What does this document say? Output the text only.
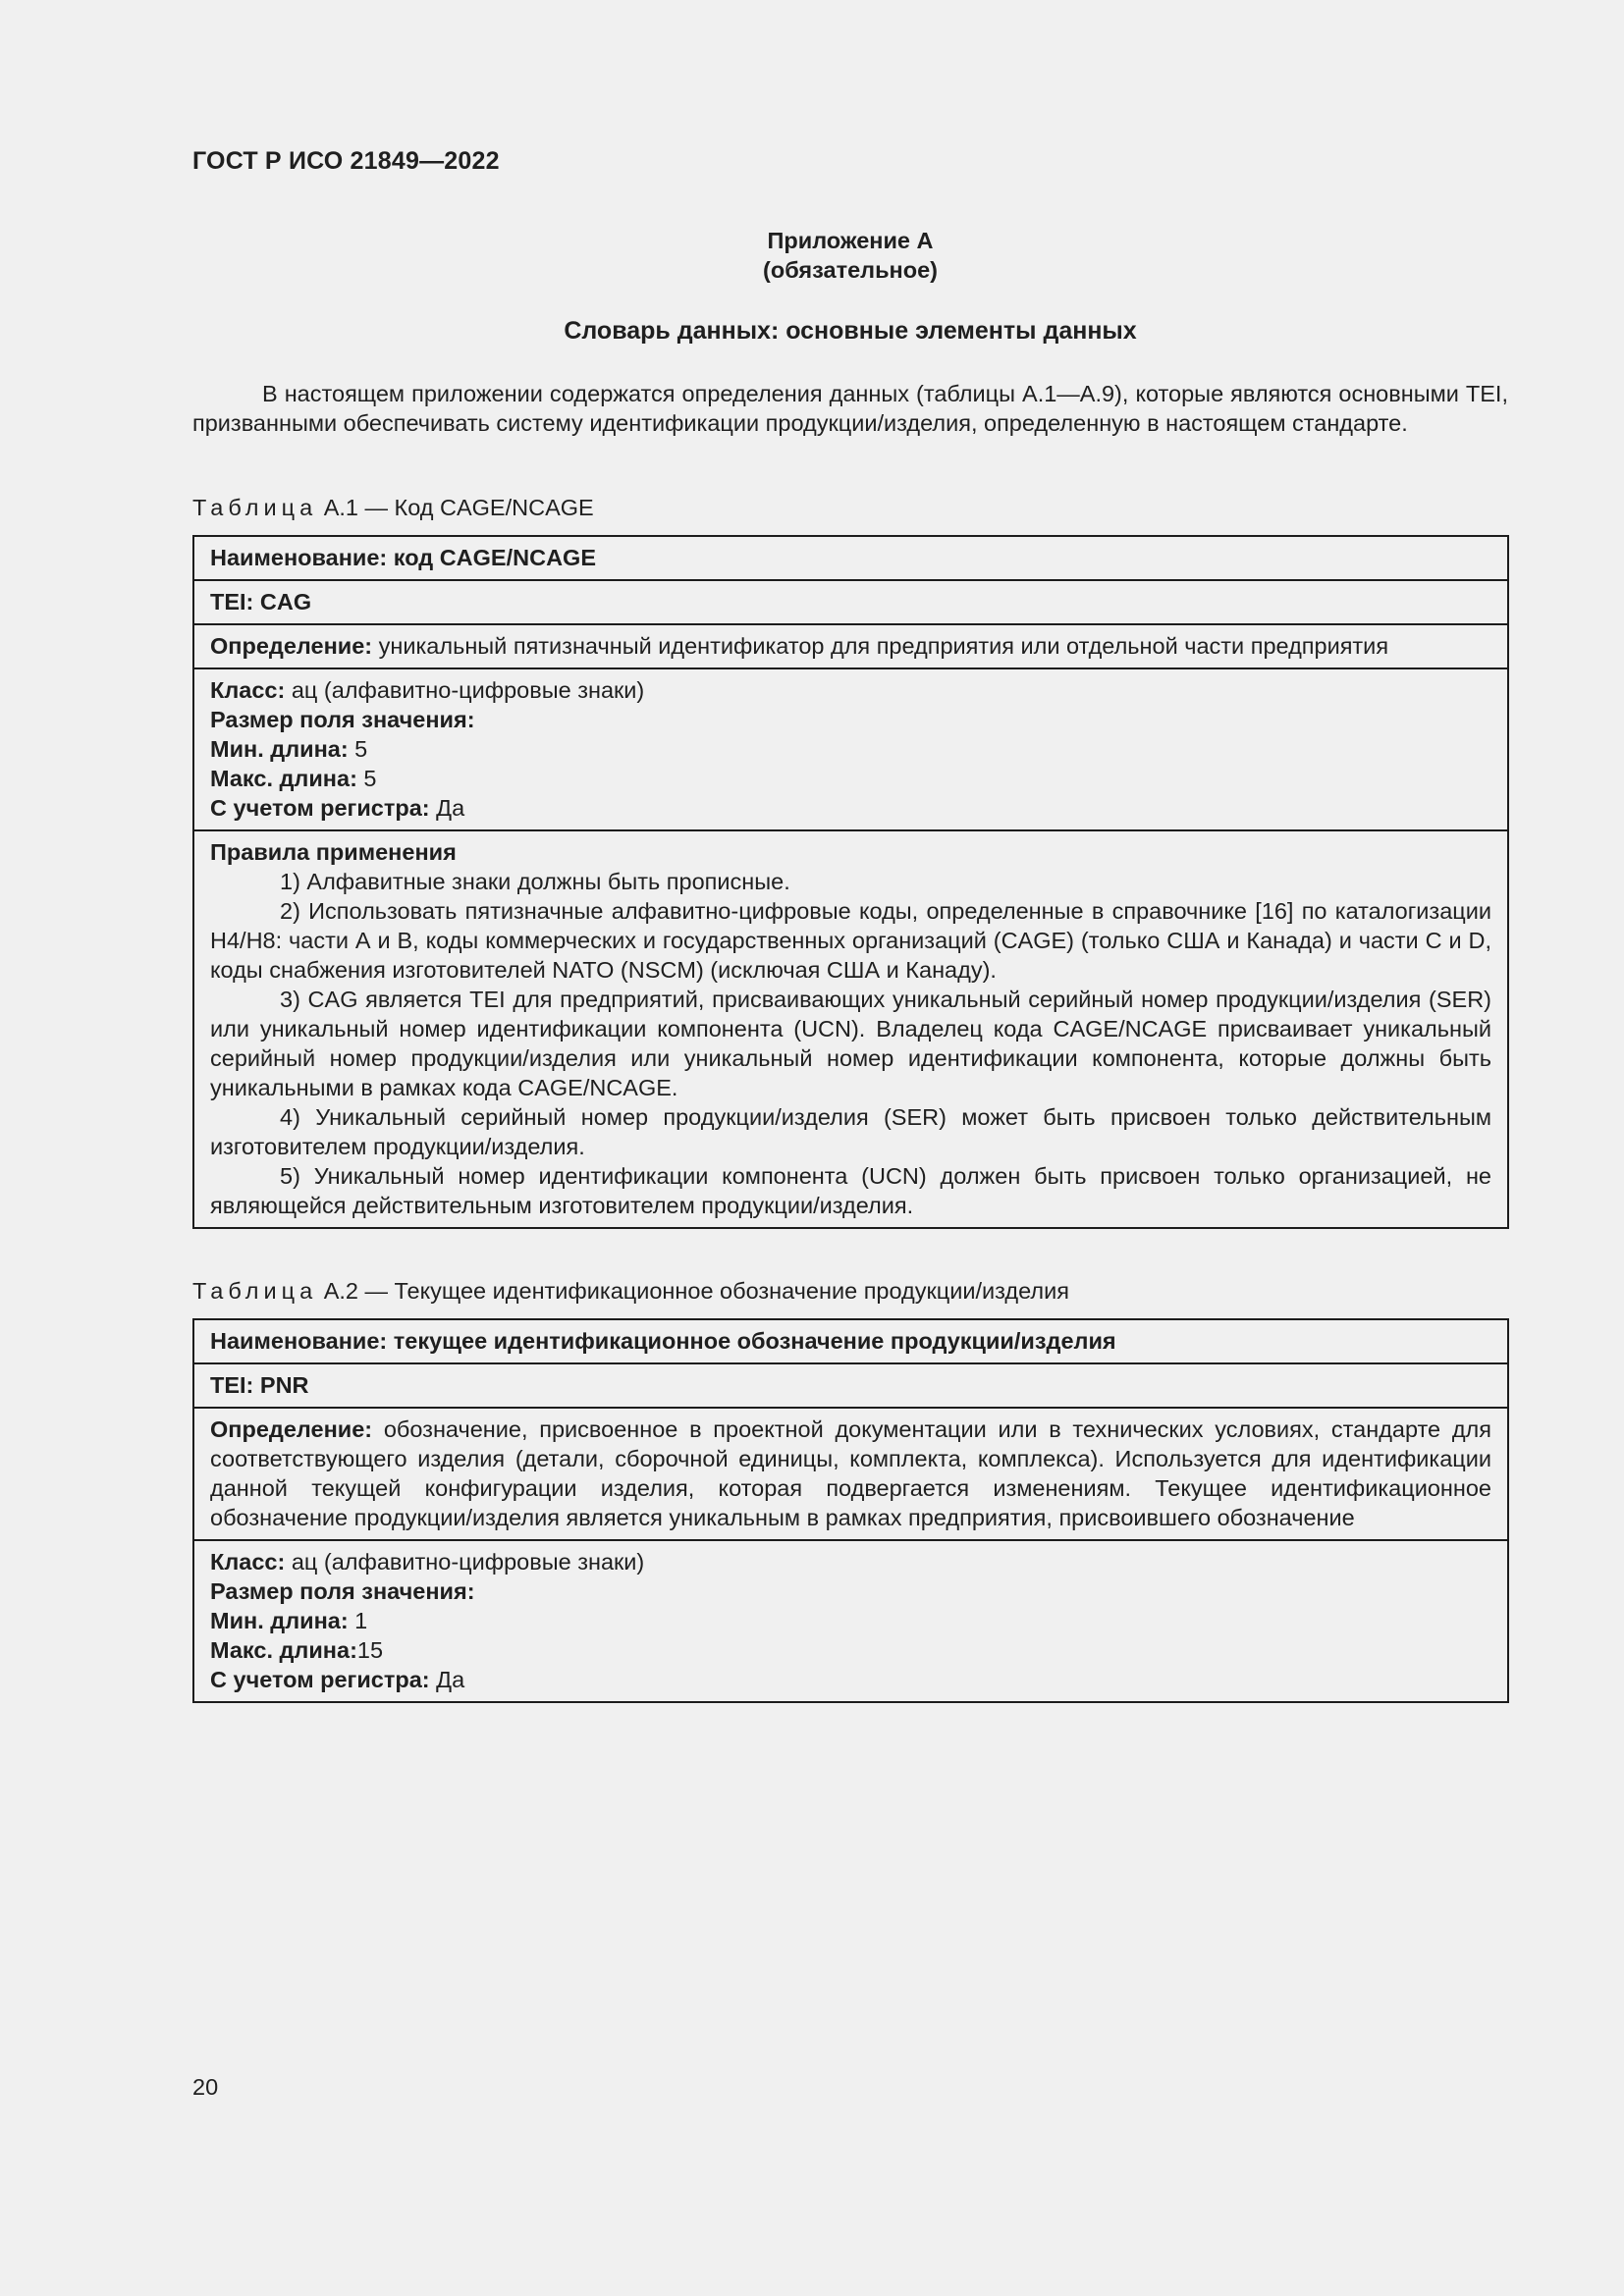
ГОСТ Р ИСО 21849—2022
Приложение А
(обязательное)
Словарь данных: основные элементы данных

В настоящем приложении содержатся определения данных (таблицы А.1—А.9), которые являются основными TEI, призванными обеспечивать систему идентификации продукции/изделия, определенную в настоящем стандарте.

Таблица А.1 — Код CAGE/NCAGE
Наименование: код CAGE/NCAGE
TEI: CAG
Определение: уникальный пятизначный идентификатор для предприятия или отдельной части предприятия

Класс: ац (алфавитно-цифровые знаки)
Размер поля значения:
Мин. длина: 5
Макс. длина: 5
С учетом регистра: Да

Правила применения
1) Алфавитные знаки должны быть прописные.
2) Использовать пятизначные алфавитно-цифровые коды, определенные в справочнике [16] по каталогизации Н4/Н8: части А и В, коды коммерческих и государственных организаций (CAGE) (только США и Канада) и части С и D, коды снабжения изготовителей NATO (NSCM) (исключая США и Канаду).
3) CAG является TEI для предприятий, присваивающих уникальный серийный номер продукции/изделия (SER) или уникальный номер идентификации компонента (UCN). Владелец кода CAGE/NCAGE присваивает уникальный серийный номер продукции/изделия или уникальный номер идентификации компонента, которые должны быть уникальными в рамках кода CAGE/NCAGE.
4) Уникальный серийный номер продукции/изделия (SER) может быть присвоен только действительным изготовителем продукции/изделия.
5) Уникальный номер идентификации компонента (UCN) должен быть присвоен только организацией, не являющейся действительным изготовителем продукции/изделия.
Таблица А.2 — Текущее идентификационное обозначение продукции/изделия
Наименование: текущее идентификационное обозначение продукции/изделия
TEI: PNR
Определение: обозначение, присвоенное в проектной документации или в технических условиях, стандарте для соответствующего изделия (детали, сборочной единицы, комплекта, комплекса). Используется для идентификации данной текущей конфигурации изделия, которая подвергается изменениям. Текущее идентификационное обозначение продукции/изделия является уникальным в рамках предприятия, присвоившего обозначение

Класс: ац (алфавитно-цифровые знаки)
Размер поля значения:
Мин. длина: 1
Макс. длина:15
С учетом регистра: Да
20
